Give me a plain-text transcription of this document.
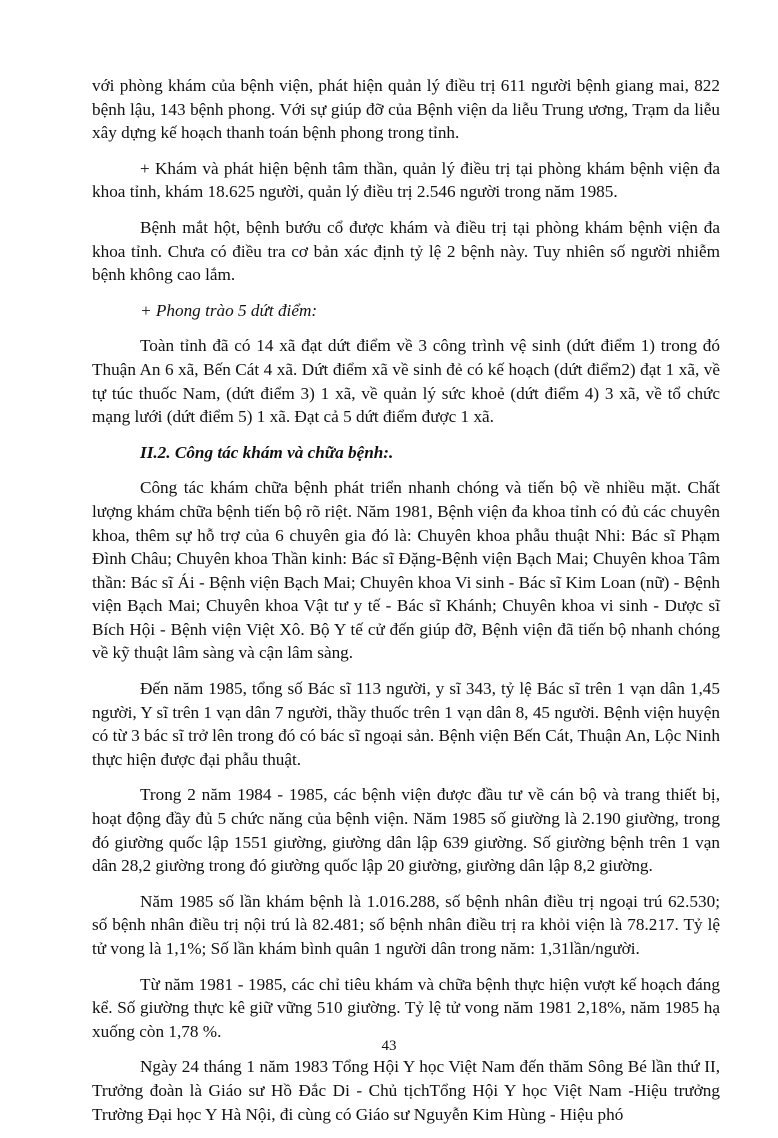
với phòng khám của bệnh viện, phát hiện quản lý điều trị 611 người bệnh giang mai, 822 bệnh lậu, 143 bệnh phong. Với sự giúp đỡ của Bệnh viện da liễu Trung ương, Trạm da liễu xây dựng kế hoạch thanh toán bệnh phong trong tỉnh.

+ Khám và phát hiện bệnh tâm thần, quản lý điều trị tại phòng khám bệnh viện đa khoa tỉnh, khám 18.625 người, quản lý điều trị 2.546 người trong năm 1985.

Bệnh mắt hột, bệnh bướu cổ được khám và điều trị tại phòng khám bệnh viện đa khoa tỉnh. Chưa có điều tra cơ bản xác định tỷ lệ 2 bệnh này. Tuy nhiên số người nhiễm bệnh không cao lắm.

+ Phong trào 5 dứt điểm:

Toàn tỉnh đã có 14 xã đạt dứt điểm về 3 công trình vệ sinh (dứt điểm 1) trong đó Thuận An 6 xã, Bến Cát 4 xã. Dứt điểm xã về sinh đẻ có kế hoạch (dứt điểm2) đạt 1 xã, về tự túc thuốc Nam, (dứt điểm 3) 1 xã, về quản lý sức khoẻ (dứt điểm 4) 3 xã, về tổ chức mạng lưới (dứt điểm 5) 1 xã. Đạt cả 5 dứt điểm được 1 xã.

II.2. Công tác khám và chữa bệnh:.

Công tác khám chữa bệnh phát triển nhanh chóng và tiến bộ về nhiều mặt. Chất lượng khám chữa bệnh tiến bộ rõ riệt. Năm 1981, Bệnh viện đa khoa tỉnh có đủ các chuyên khoa, thêm sự hỗ trợ của 6 chuyên gia đó là: Chuyên khoa phẫu thuật Nhi: Bác sĩ Phạm Đình Châu; Chuyên khoa Thần kinh: Bác sĩ Đặng-Bệnh viện Bạch Mai; Chuyên khoa Tâm thần: Bác sĩ Ái - Bệnh viện Bạch Mai; Chuyên khoa Vi sinh - Bác sĩ Kim Loan (nữ) - Bệnh viện Bạch Mai; Chuyên khoa Vật tư y tế - Bác sĩ Khánh; Chuyên khoa vi sinh - Dược sĩ Bích Hội - Bệnh viện Việt Xô. Bộ Y tế cử đến giúp đỡ, Bệnh viện đã tiến bộ nhanh chóng về kỹ thuật lâm sàng và cận lâm sàng.

Đến năm 1985, tổng số Bác sĩ 113 người, y sĩ 343, tỷ lệ Bác sĩ trên 1 vạn dân 1,45 người, Y sĩ trên 1 vạn dân 7 người, thầy thuốc trên 1 vạn dân 8, 45 người. Bệnh viện huyện có từ 3 bác sĩ trở lên trong đó có bác sĩ ngoại sản. Bệnh viện Bến Cát, Thuận An, Lộc Ninh thực hiện được đại phẫu thuật.

Trong 2 năm 1984 - 1985, các bệnh viện được đầu tư về cán bộ và trang thiết bị, hoạt động đầy đủ 5 chức năng của bệnh viện. Năm 1985 số giường là 2.190 giường, trong đó giường quốc lập 1551 giường, giường dân lập 639 giường. Số giường bệnh trên 1 vạn dân 28,2 giường trong đó giường quốc lập 20 giường, giường dân lập 8,2 giường.

Năm 1985 số lần khám bệnh là 1.016.288, số bệnh nhân điều trị ngoại trú 62.530; số bệnh nhân điều trị nội trú là 82.481; số bệnh nhân điều trị ra khỏi viện là 78.217. Tỷ lệ tử vong là 1,1%; Số lần khám bình quân 1 người dân trong năm: 1,31lần/người.

Từ năm 1981 - 1985, các chỉ tiêu khám và chữa bệnh thực hiện vượt kế hoạch đáng kể. Số giường thực kê giữ vững 510 giường. Tỷ lệ tử vong năm 1981 2,18%, năm 1985 hạ xuống còn 1,78 %.

Ngày 24 tháng 1 năm 1983 Tổng Hội Y học Việt Nam đến thăm Sông Bé lần thứ II, Trưởng đoàn là Giáo sư Hồ Đắc Di - Chủ tịchTổng Hội Y học Việt Nam -Hiệu trưởng Trường Đại học Y Hà Nội, đi cùng có Giáo sư Nguyễn Kim Hùng - Hiệu phó

43
